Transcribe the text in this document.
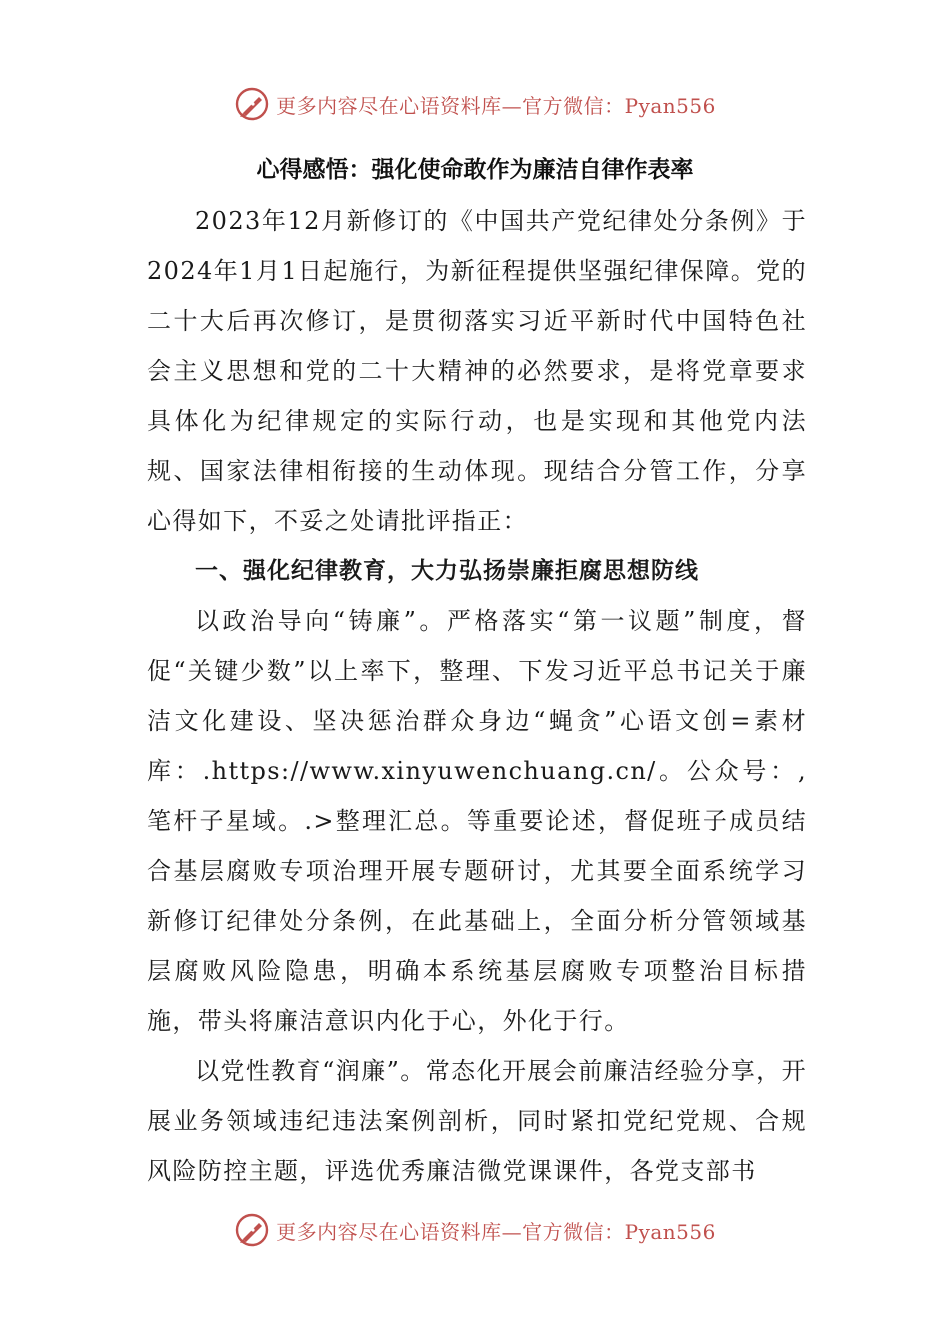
更多内容尽在心语资料库—官方微信：Pyan556
心得感悟：强化使命敢作为廉洁自律作表率

2023年12月新修订的《中国共产党纪律处分条例》于2024年1月1日起施行，为新征程提供坚强纪律保障。党的二十大后再次修订，是贯彻落实习近平新时代中国特色社会主义思想和党的二十大精神的必然要求，是将党章要求具体化为纪律规定的实际行动，也是实现和其他党内法规、国家法律相衔接的生动体现。现结合分管工作，分享心得如下，不妥之处请批评指正：

一、强化纪律教育，大力弘扬崇廉拒腐思想防线

以政治导向“铸廉”。严格落实“第一议题”制度，督促“关键少数”以上率下，整理、下发习近平总书记关于廉洁文化建设、坚决惩治群众身边“蝇贪”心语文创=素材库：.https://www.xinyuwenchuang.cn/。公众号：,笔杆子星域。.>整理汇总。等重要论述，督促班子成员结合基层腐败专项治理开展专题研讨，尤其要全面系统学习新修订纪律处分条例，在此基础上，全面分析分管领域基层腐败风险隐患，明确本系统基层腐败专项整治目标措施，带头将廉洁意识内化于心，外化于行。

以党性教育“润廉”。常态化开展会前廉洁经验分享，开展业务领域违纪违法案例剖析，同时紧扣党纪党规、合规风险防控主题，评选优秀廉洁微党课课件，各党支部书

更多内容尽在心语资料库—官方微信：Pyan556
